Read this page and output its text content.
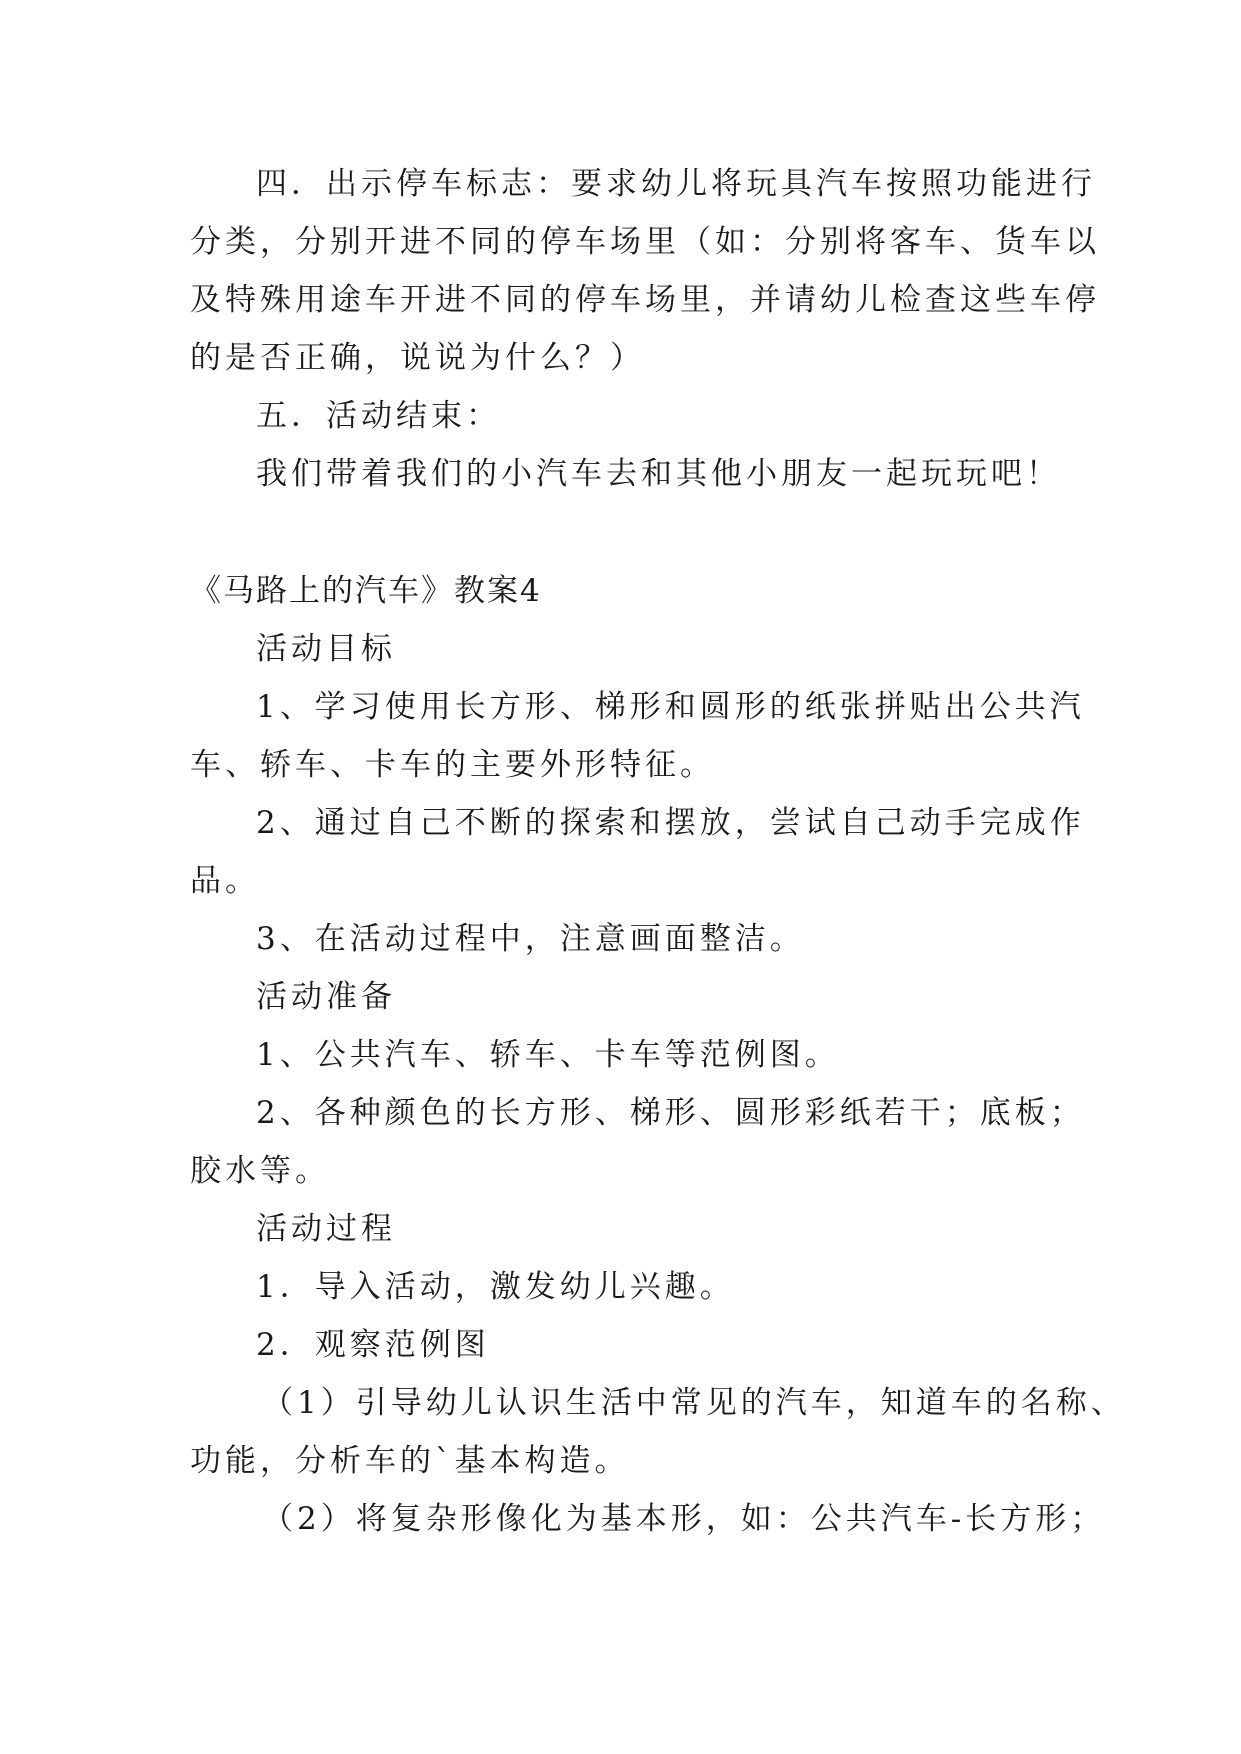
四．出示停车标志：要求幼儿将玩具汽车按照功能进行
分类，分别开进不同的停车场里（如：分别将客车、货车以
及特殊用途车开进不同的停车场里，并请幼儿检查这些车停
的是否正确，说说为什么？）
五．活动结束：
我们带着我们的小汽车去和其他小朋友一起玩玩吧！
《马路上的汽车》教案4
活动目标
1、学习使用长方形、梯形和圆形的纸张拼贴出公共汽
车、轿车、卡车的主要外形特征。
2、通过自己不断的探索和摆放，尝试自己动手完成作
品。
3、在活动过程中，注意画面整洁。
活动准备
1、公共汽车、轿车、卡车等范例图。
2、各种颜色的长方形、梯形、圆形彩纸若干；底板；
胶水等。
活动过程
1．导入活动，激发幼儿兴趣。
2．观察范例图
（1）引导幼儿认识生活中常见的汽车，知道车的名称、
功能，分析车的`基本构造。
（2）将复杂形像化为基本形，如：公共汽车-长方形；
